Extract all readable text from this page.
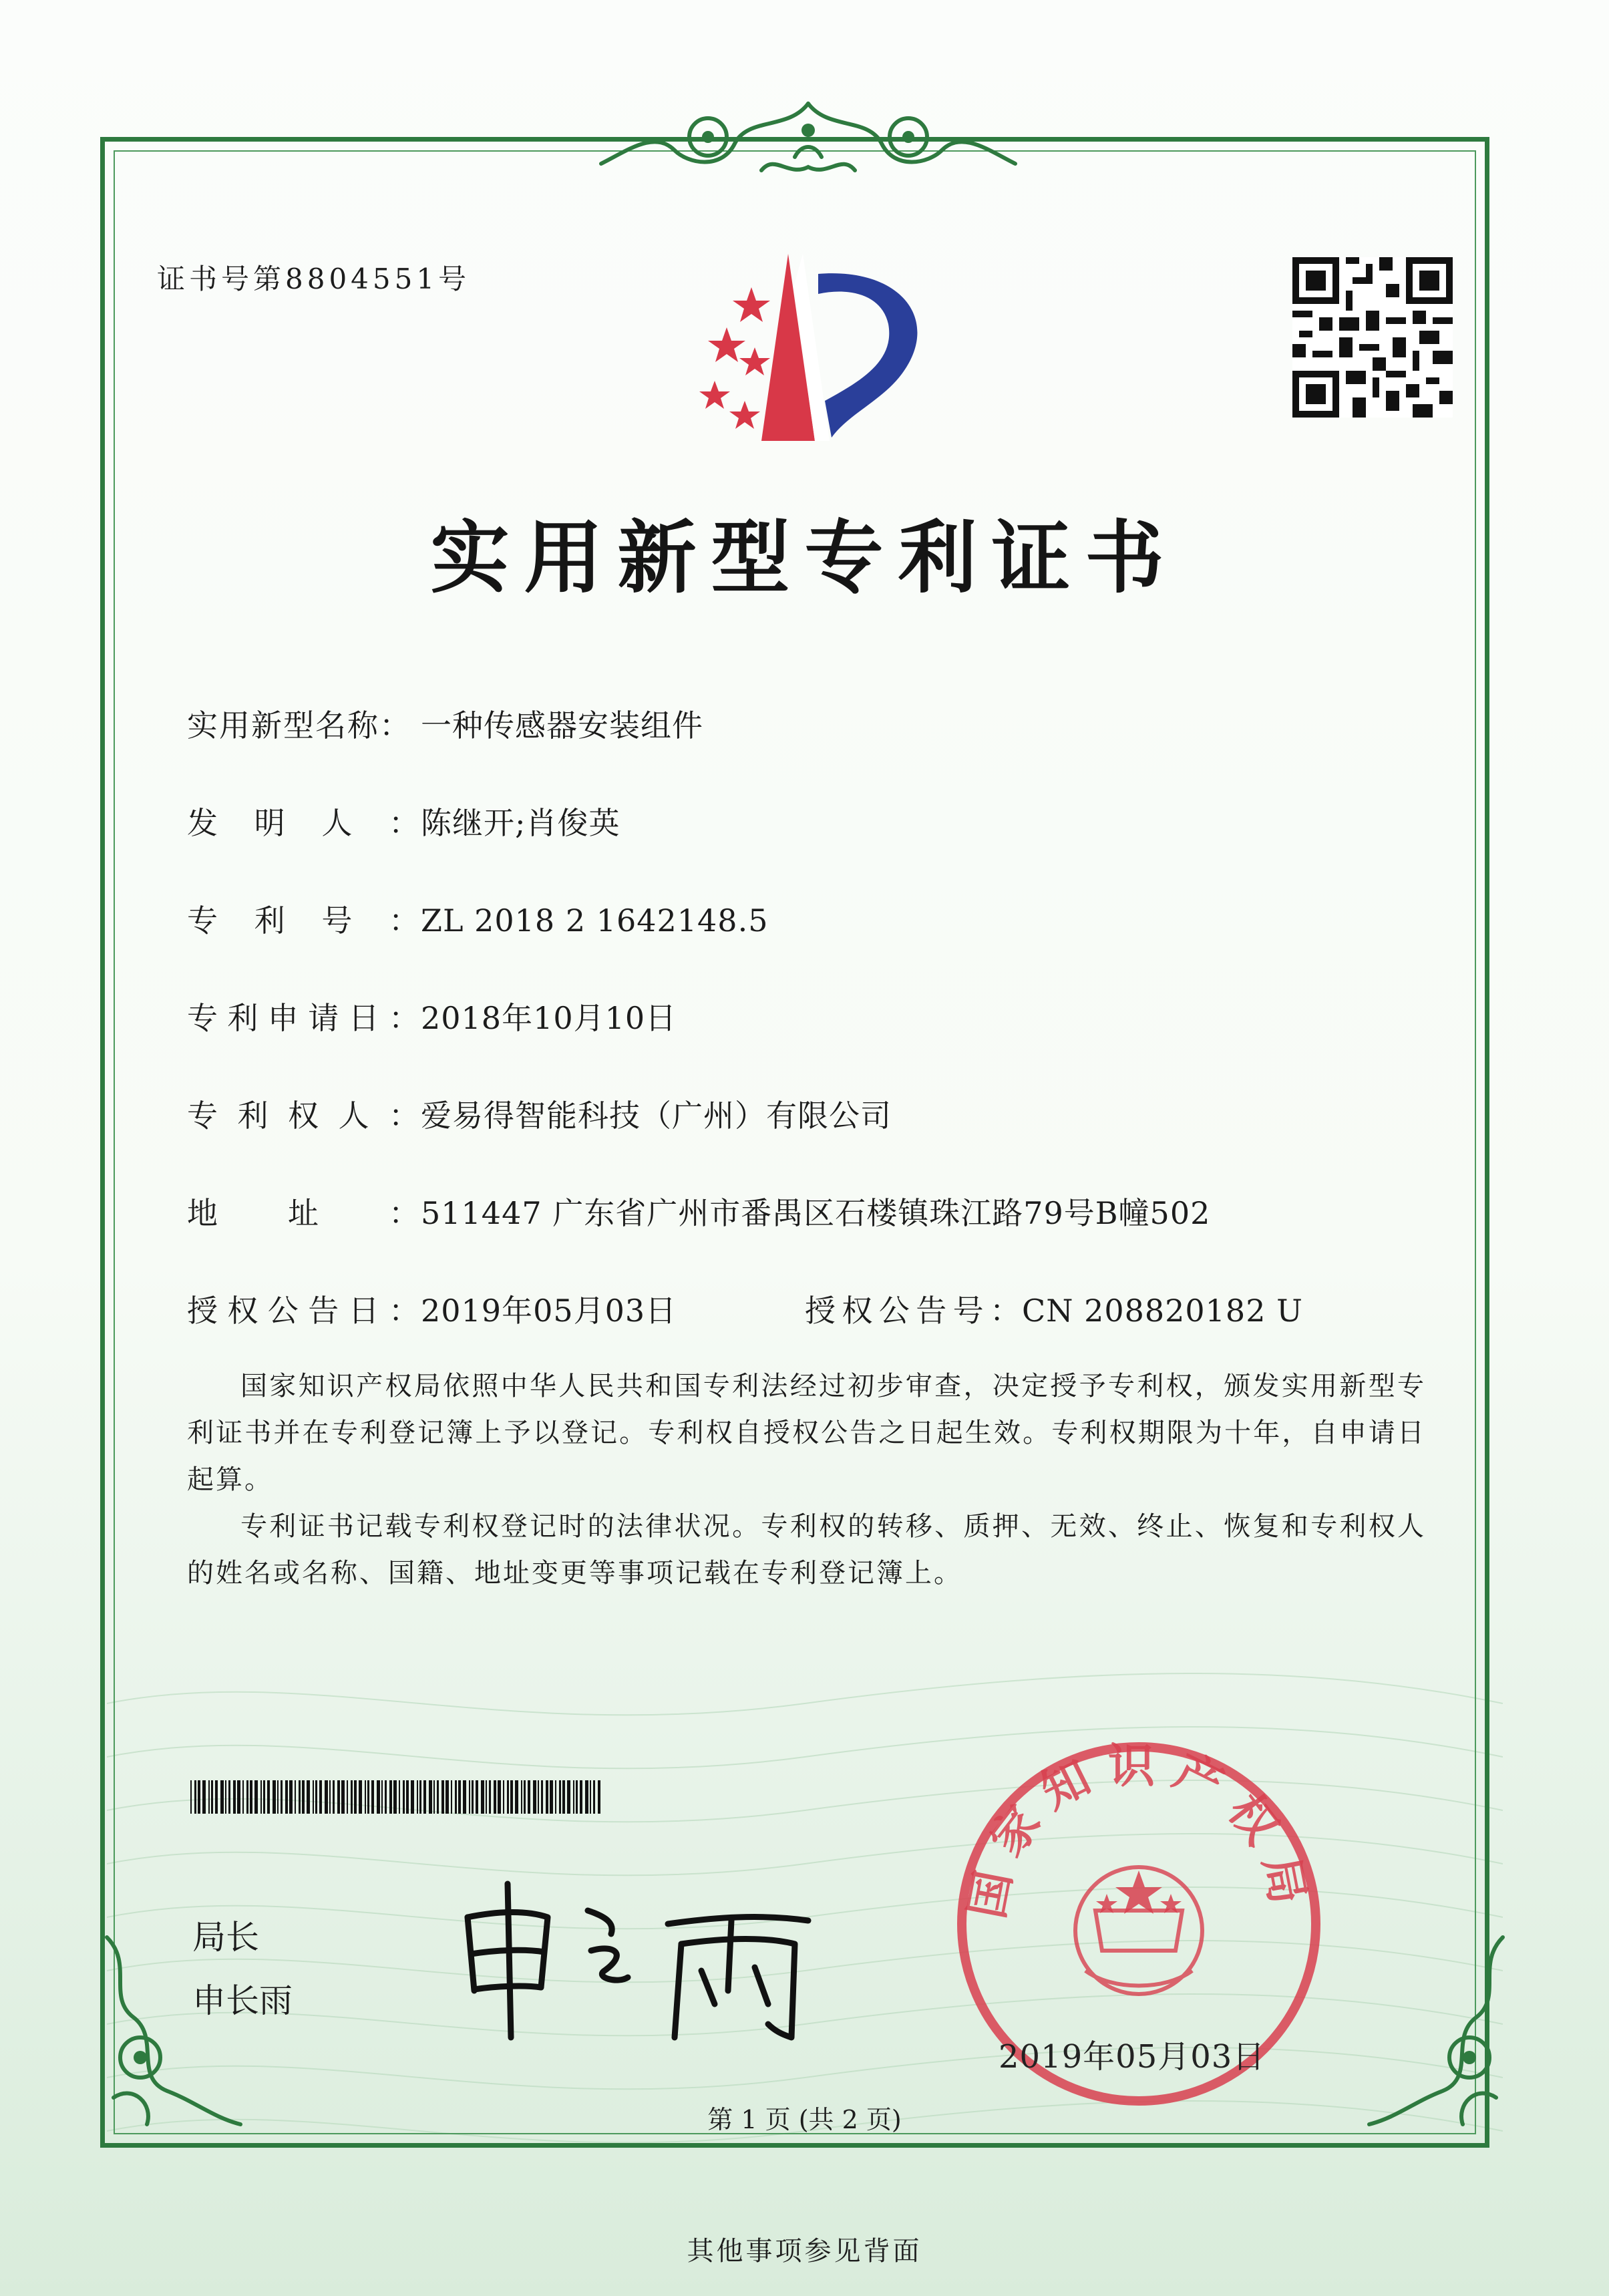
证书号第8804551号
实用新型专利证书
实用新型名称： 一种传感器安装组件
发明人：陈继开;肖俊英
专利号：ZL 2018 2 1642148.5
专利申请日：2018年10月10日
专利权人：爱易得智能科技（广州）有限公司
地址：511447 广东省广州市番禺区石楼镇珠江路79号B幢502
授权公告日：2019年05月03日	授权公告号：CN 208820182 U

国家知识产权局依照中华人民共和国专利法经过初步审查，决定授予专利权，颁发实用新型专利证书并在专利登记簿上予以登记。专利权自授权公告之日起生效。专利权期限为十年，自申请日起算。

专利证书记载专利权登记时的法律状况。专利权的转移、质押、无效、终止、恢复和专利权人的姓名或名称、国籍、地址变更等事项记载在专利登记簿上。

局长
申长雨
国家知识产权局
2019年05月03日
第 1 页 (共 2 页)
其他事项参见背面
